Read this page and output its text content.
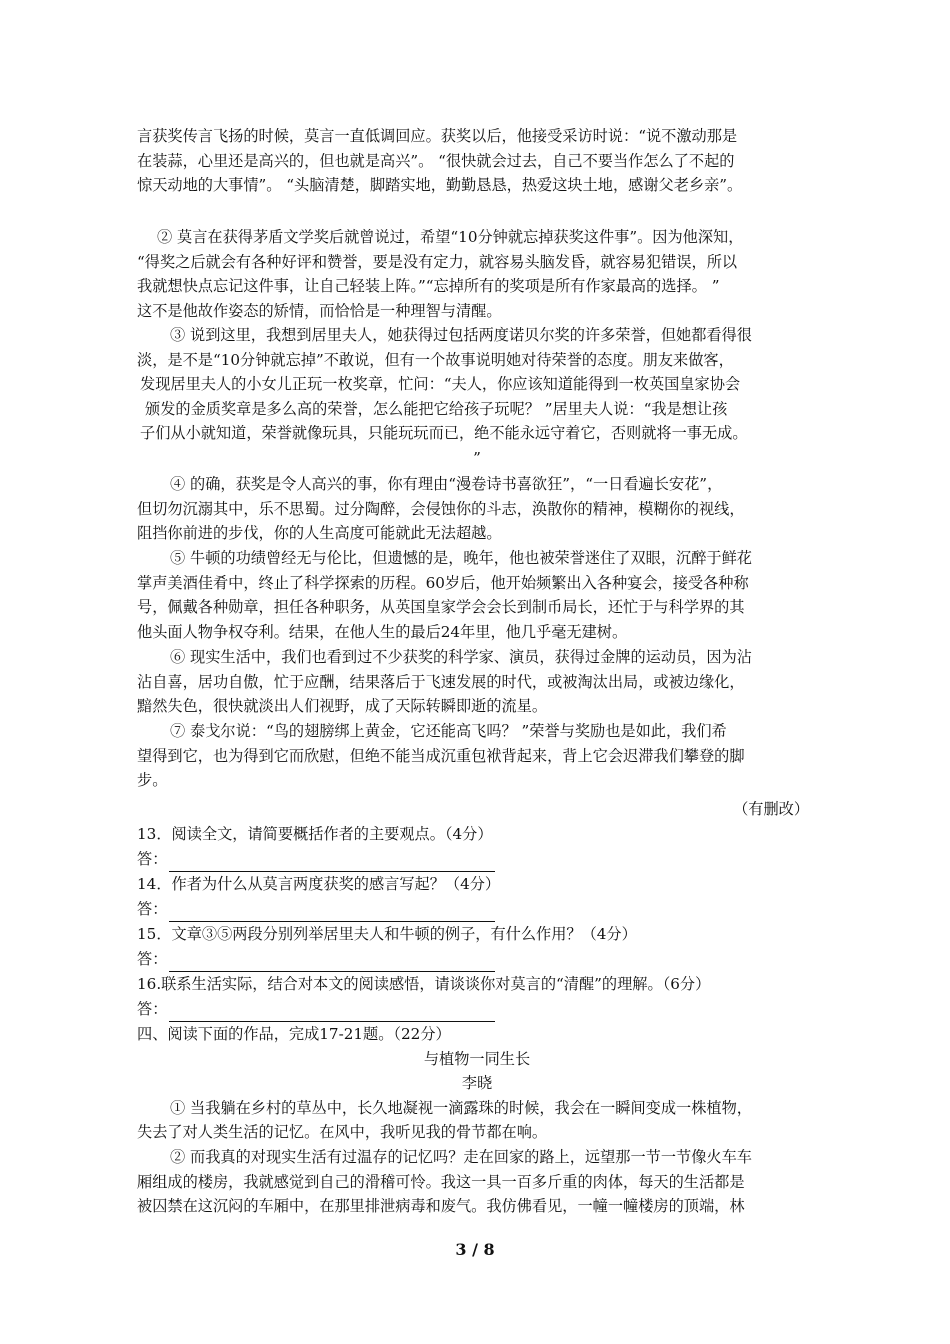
言获奖传言飞扬的时候，莫言一直低调回应。获奖以后，他接受采访时说：“说不激动那是
在装蒜，心里还是高兴的，但也就是高兴”。 “很快就会过去，自己不要当作怎么了不起的
惊天动地的大事情”。 “头脑清楚，脚踏实地，勤勤恳恳，热爱这块土地，感谢父老乡亲”。
② 莫言在获得茅盾文学奖后就曾说过，希望“10分钟就忘掉获奖这件事”。因为他深知，
“得奖之后就会有各种好评和赞誉，要是没有定力，就容易头脑发昏，就容易犯错误，所以
我就想快点忘记这件事，让自己轻装上阵。”“忘掉所有的奖项是所有作家最高的选择。 ”
这不是他故作姿态的矫情，而恰恰是一种理智与清醒。
③ 说到这里，我想到居里夫人，她获得过包括两度诺贝尔奖的许多荣誉，但她都看得很
淡，是不是“10分钟就忘掉”不敢说，但有一个故事说明她对待荣誉的态度。朋友来做客，
发现居里夫人的小女儿正玩一枚奖章，忙问：“夫人，你应该知道能得到一枚英国皇家协会
颁发的金质奖章是多么高的荣誉，怎么能把它给孩子玩呢？ ”居里夫人说：“我是想让孩
子们从小就知道，荣誉就像玩具，只能玩玩而已，绝不能永远守着它，否则就将一事无成。
”
④ 的确，获奖是令人高兴的事，你有理由“漫卷诗书喜欲狂”，“一日看遍长安花”，
但切勿沉溺其中，乐不思蜀。过分陶醉，会侵蚀你的斗志，涣散你的精神，模糊你的视线，
阻挡你前进的步伐，你的人生高度可能就此无法超越。
⑤ 牛顿的功绩曾经无与伦比，但遗憾的是，晚年，他也被荣誉迷住了双眼，沉醉于鲜花
掌声美酒佳肴中，终止了科学探索的历程。60岁后，他开始频繁出入各种宴会，接受各种称
号，佩戴各种勋章，担任各种职务，从英国皇家学会会长到制币局长，还忙于与科学界的其
他头面人物争权夺利。结果，在他人生的最后24年里，他几乎毫无建树。
⑥ 现实生活中，我们也看到过不少获奖的科学家、演员，获得过金牌的运动员，因为沾
沾自喜，居功自傲，忙于应酬，结果落后于飞速发展的时代，或被淘汰出局，或被边缘化，
黯然失色，很快就淡出人们视野，成了天际转瞬即逝的流星。
⑦ 泰戈尔说：“鸟的翅膀绑上黄金，它还能高飞吗？ ”荣誉与奖励也是如此，我们希
望得到它，也为得到它而欣慰，但绝不能当成沉重包袱背起来，背上它会迟滞我们攀登的脚
步。
（有删改）
13．阅读全文，请简要概括作者的主要观点。（4分）
答：
14．作者为什么从莫言两度获奖的感言写起？（4分）
答：
15．文章③⑤两段分别列举居里夫人和牛顿的例子，有什么作用？（4分）
答：
16.联系生活实际，结合对本文的阅读感悟，请谈谈你对莫言的“清醒”的理解。（6分）
答：
四、阅读下面的作品，完成17-21题。（22分）
与植物一同生长
李晓
① 当我躺在乡村的草丛中，长久地凝视一滴露珠的时候，我会在一瞬间变成一株植物，
失去了对人类生活的记忆。在风中，我听见我的骨节都在响。
② 而我真的对现实生活有过温存的记忆吗？走在回家的路上，远望那一节一节像火车车
厢组成的楼房，我就感觉到自己的滑稽可怜。我这一具一百多斤重的肉体，每天的生活都是
被囚禁在这沉闷的车厢中，在那里排泄病毒和废气。我仿佛看见，一幢一幢楼房的顶端，林
3 / 8
